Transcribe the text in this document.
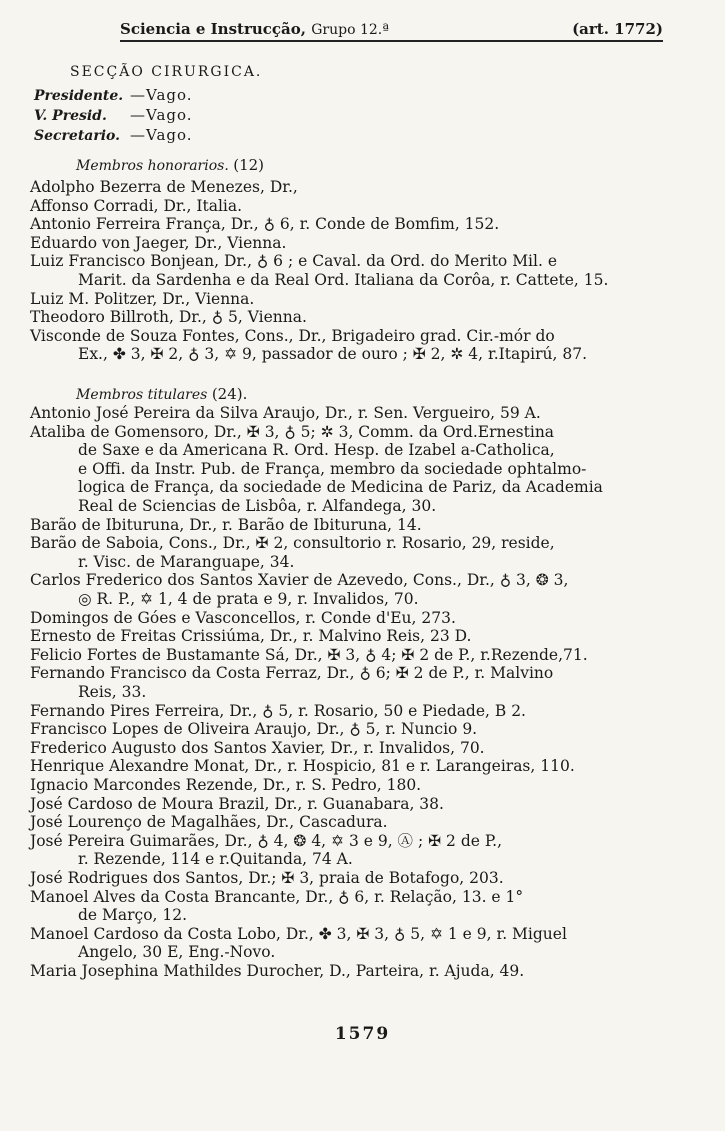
Sciencia e Instrucção, Grupo 12.ª	(art. 1772)
SECÇÃO CIRURGICA.
Presidente. —Vago.
V. Presid. —Vago.
Secretario. —Vago.
Membros honorarios. (12)
Adolpho Bezerra de Menezes, Dr.,
Affonso Corradi, Dr., Italia.
Antonio Ferreira França, Dr., ♁ 6, r. Conde de Bomfim, 152.
Eduardo von Jaeger, Dr., Vienna.
Luiz Francisco Bonjean, Dr., ♁ 6 ; e Caval. da Ord. do Merito Mil. e
Marit. da Sardenha e da Real Ord. Italiana da Corôa, r. Cattete, 15.
Luiz M. Politzer, Dr., Vienna.
Theodoro Billroth, Dr., ♁ 5, Vienna.
Visconde de Souza Fontes, Cons., Dr., Brigadeiro grad. Cir.-mór do
Ex., ✤ 3, ✠ 2, ♁ 3, ✡ 9, passador de ouro ; ✠ 2, ✲ 4, r.Itapirú, 87.
Membros titulares (24).
Antonio José Pereira da Silva Araujo, Dr., r. Sen. Vergueiro, 59 A.
Ataliba de Gomensoro, Dr., ✠ 3, ♁ 5; ✲ 3, Comm. da Ord.Ernestina
de Saxe e da Americana R. Ord. Hesp. de Izabel a-Catholica,
e Offi. da Instr. Pub. de França, membro da sociedade ophtalmo-
logica de França, da sociedade de Medicina de Pariz, da Academia
Real de Sciencias de Lisbôa, r. Alfandega, 30.
Barão de Ibituruna, Dr., r. Barão de Ibituruna, 14.
Barão de Saboia, Cons., Dr., ✠ 2, consultorio r. Rosario, 29, reside,
r. Visc. de Maranguape, 34.
Carlos Frederico dos Santos Xavier de Azevedo, Cons., Dr., ♁ 3, ❂ 3,
◎ R. P., ✡ 1, 4 de prata e 9, r. Invalidos, 70.
Domingos de Góes e Vasconcellos, r. Conde d'Eu, 273.
Ernesto de Freitas Crissiúma, Dr., r. Malvino Reis, 23 D.
Felicio Fortes de Bustamante Sá, Dr., ✠ 3, ♁ 4; ✠ 2 de P., r.Rezende,71.
Fernando Francisco da Costa Ferraz, Dr., ♁ 6; ✠ 2 de P., r. Malvino
Reis, 33.
Fernando Pires Ferreira, Dr., ♁ 5, r. Rosario, 50 e Piedade, B 2.
Francisco Lopes de Oliveira Araujo, Dr., ♁ 5, r. Nuncio 9.
Frederico Augusto dos Santos Xavier, Dr., r. Invalidos, 70.
Henrique Alexandre Monat, Dr., r. Hospicio, 81 e r. Larangeiras, 110.
Ignacio Marcondes Rezende, Dr., r. S. Pedro, 180.
José Cardoso de Moura Brazil, Dr., r. Guanabara, 38.
José Lourenço de Magalhães, Dr., Cascadura.
José Pereira Guimarães, Dr., ♁ 4, ❂ 4, ✡ 3 e 9, Ⓐ ; ✠ 2 de P.,
r. Rezende, 114 e r.Quitanda, 74 A.
José Rodrigues dos Santos, Dr.; ✠ 3, praia de Botafogo, 203.
Manoel Alves da Costa Brancante, Dr., ♁ 6, r. Relação, 13. e 1°
de Março, 12.
Manoel Cardoso da Costa Lobo, Dr., ✤ 3, ✠ 3, ♁ 5, ✡ 1 e 9, r. Miguel
Angelo, 30 E, Eng.-Novo.
Maria Josephina Mathildes Durocher, D., Parteira, r. Ajuda, 49.
1579
